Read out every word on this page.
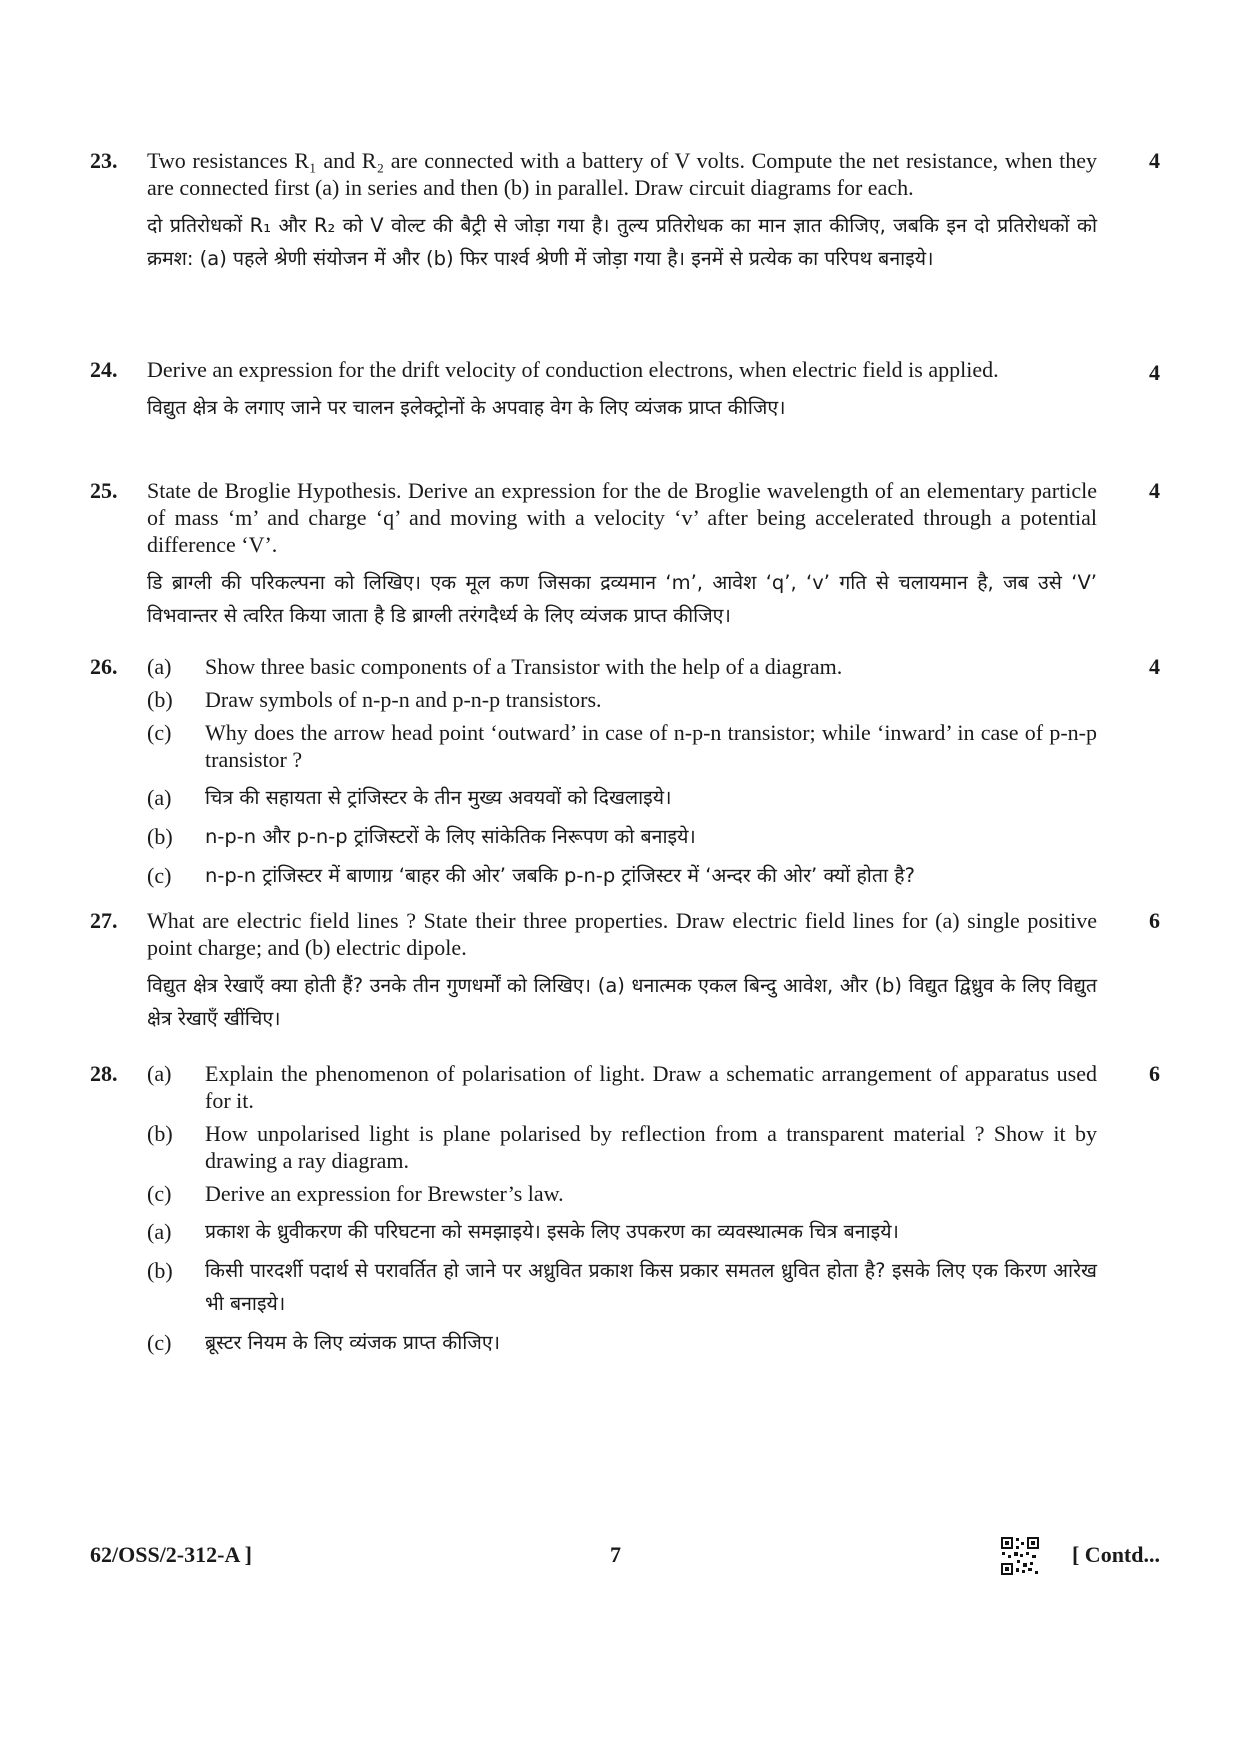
23.	4

Two resistances R₁ and R₂ are connected with a battery of V volts. Compute the net resistance, when they are connected first (a) in series and then (b) in parallel. Draw circuit diagrams for each.

दो प्रतिरोधकों R₁ और R₂ को V वोल्ट की बैट्री से जोड़ा गया है। तुल्य प्रतिरोधक का मान ज्ञात कीजिए, जबकि इन दो प्रतिरोधकों को क्रमश: (a) पहले श्रेणी संयोजन में और (b) फिर पार्श्व श्रेणी में जोड़ा गया है। इनमें से प्रत्येक का परिपथ बनाइये।

24.	4

Derive an expression for the drift velocity of conduction electrons, when electric field is applied.

विद्युत क्षेत्र के लगाए जाने पर चालन इलेक्ट्रोनों के अपवाह वेग के लिए व्यंजक प्राप्त कीजिए।

25.	4

State de Broglie Hypothesis. Derive an expression for the de Broglie wavelength of an elementary particle of mass ‘m’ and charge ‘q’ and moving with a velocity ‘v’ after being accelerated through a potential difference ‘V’.

डि ब्राग्ली की परिकल्पना को लिखिए। एक मूल कण जिसका द्रव्यमान ‘m’, आवेश ‘q’, ‘v’ गति से चलायमान है, जब उसे ‘V’ विभवान्तर से त्वरित किया जाता है डि ब्राग्ली तरंगदैर्ध्य के लिए व्यंजक प्राप्त कीजिए।

26.	4
(a)	Show three basic components of a Transistor with the help of a diagram.

(b)	Draw symbols of n-p-n and p-n-p transistors.

(c)	Why does the arrow head point ‘outward’ in case of n-p-n transistor; while ‘inward’ in case of p-n-p transistor ?

(a)	चित्र की सहायता से ट्रांजिस्टर के तीन मुख्य अवयवों को दिखलाइये।

(b)	n-p-n और p-n-p ट्रांजिस्टरों के लिए सांकेतिक निरूपण को बनाइये।

(c)	n-p-n ट्रांजिस्टर में बाणाग्र ‘बाहर की ओर’ जबकि p-n-p ट्रांजिस्टर में ‘अन्दर की ओर’ क्यों होता है?

27.	6

What are electric field lines ? State their three properties. Draw electric field lines for (a) single positive point charge; and (b) electric dipole.

विद्युत क्षेत्र रेखाएँ क्या होती हैं? उनके तीन गुणधर्मों को लिखिए। (a) धनात्मक एकल बिन्दु आवेश, और (b) विद्युत द्विध्रुव के लिए विद्युत क्षेत्र रेखाएँ खींचिए।

28.	6
(a)	Explain the phenomenon of polarisation of light. Draw a schematic arrangement of apparatus used for it.

(b)	How unpolarised light is plane polarised by reflection from a transparent material ? Show it by drawing a ray diagram.

(c)	Derive an expression for Brewster’s law.

(a)	प्रकाश के ध्रुवीकरण की परिघटना को समझाइये। इसके लिए उपकरण का व्यवस्थात्मक चित्र बनाइये।

(b)	किसी पारदर्शी पदार्थ से परावर्तित हो जाने पर अध्रुवित प्रकाश किस प्रकार समतल ध्रुवित होता है? इसके लिए एक किरण आरेख भी बनाइये।

(c)	ब्रूस्टर नियम के लिए व्यंजक प्राप्त कीजिए।

62/OSS/2-312-A ]	7	[ Contd...
